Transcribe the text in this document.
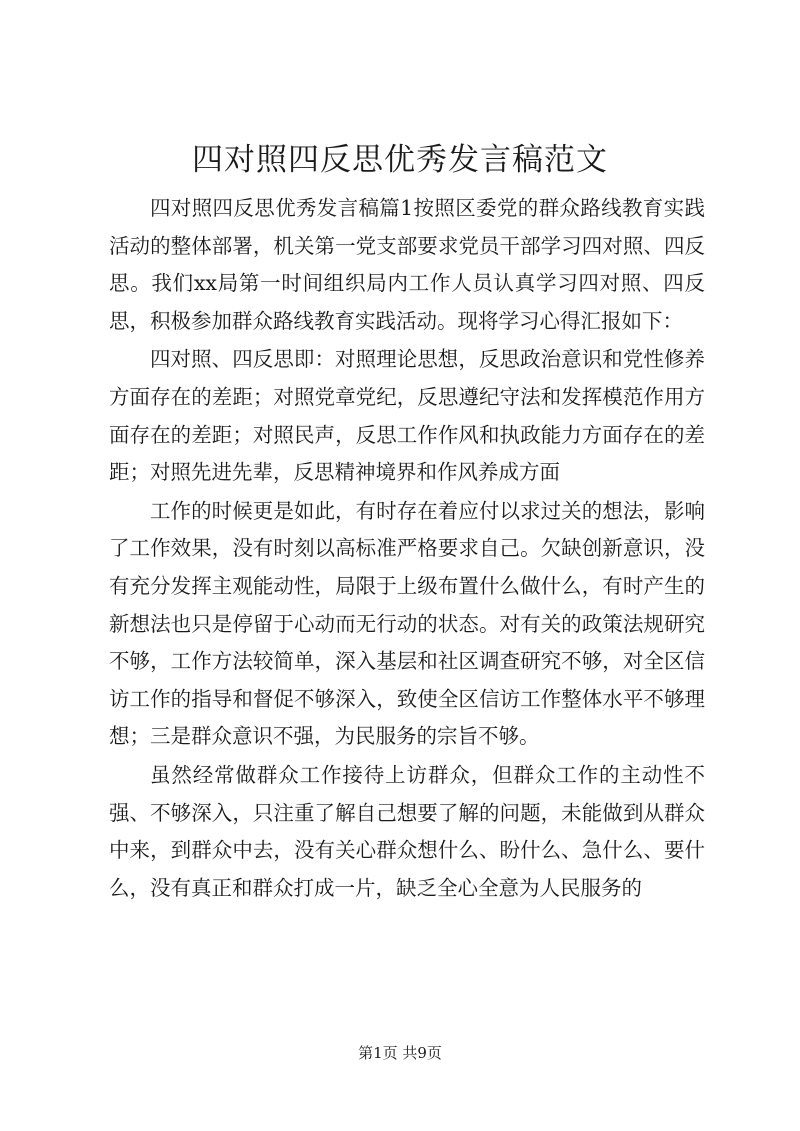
四对照四反思优秀发言稿范文

四对照四反思优秀发言稿篇1按照区委党的群众路线教育实践活动的整体部署，机关第一党支部要求党员干部学习四对照、四反思。我们xx局第一时间组织局内工作人员认真学习四对照、四反思，积极参加群众路线教育实践活动。现将学习心得汇报如下：

四对照、四反思即：对照理论思想，反思政治意识和党性修养方面存在的差距；对照党章党纪，反思遵纪守法和发挥模范作用方面存在的差距；对照民声，反思工作作风和执政能力方面存在的差距；对照先进先辈，反思精神境界和作风养成方面

工作的时候更是如此，有时存在着应付以求过关的想法，影响了工作效果，没有时刻以高标准严格要求自己。欠缺创新意识，没有充分发挥主观能动性，局限于上级布置什么做什么，有时产生的新想法也只是停留于心动而无行动的状态。对有关的政策法规研究不够，工作方法较简单，深入基层和社区调查研究不够，对全区信访工作的指导和督促不够深入，致使全区信访工作整体水平不够理想；三是群众意识不强，为民服务的宗旨不够。

虽然经常做群众工作接待上访群众，但群众工作的主动性不强、不够深入，只注重了解自己想要了解的问题，未能做到从群众中来，到群众中去，没有关心群众想什么、盼什么、急什么、要什么，没有真正和群众打成一片，缺乏全心全意为人民服务的

第1页 共9页
